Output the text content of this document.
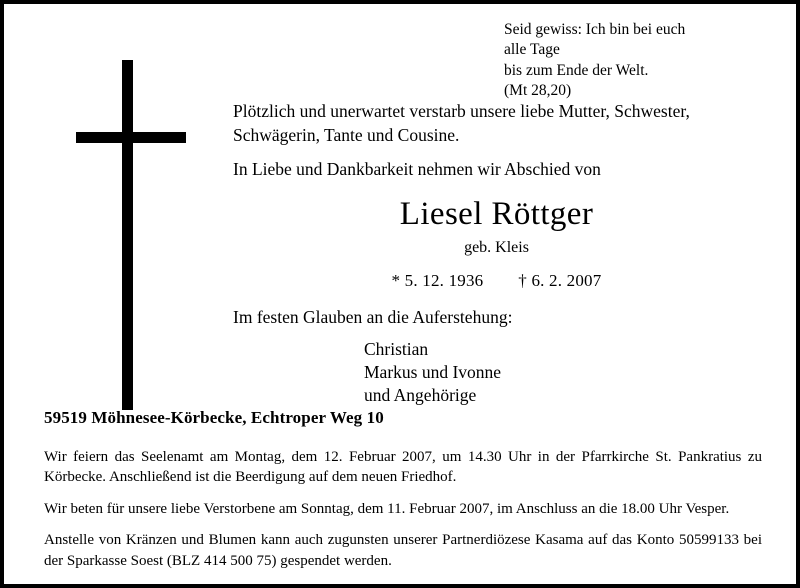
Seid gewiss: Ich bin bei euch
alle Tage
bis zum Ende der Welt.
(Mt 28,20)
Plötzlich und unerwartet verstarb unsere liebe Mutter, Schwester,
Schwägerin, Tante und Cousine.
In Liebe und Dankbarkeit nehmen wir Abschied von
Liesel Röttger
geb. Kleis
* 5. 12. 1936 † 6. 2. 2007
Im festen Glauben an die Auferstehung:
Christian
Markus und Ivonne
und Angehörige
59519 Möhnesee-Körbecke, Echtroper Weg 10

Wir feiern das Seelenamt am Montag, dem 12. Februar 2007, um 14.30 Uhr in der Pfarrkirche St. Pankratius zu Körbecke. Anschließend ist die Beerdigung auf dem neuen Friedhof.

Wir beten für unsere liebe Verstorbene am Sonntag, dem 11. Februar 2007, im Anschluss an die 18.00 Uhr Vesper.

Anstelle von Kränzen und Blumen kann auch zugunsten unserer Partnerdiözese Kasama auf das Konto 50599133 bei der Sparkasse Soest (BLZ 414 500 75) gespendet werden.
